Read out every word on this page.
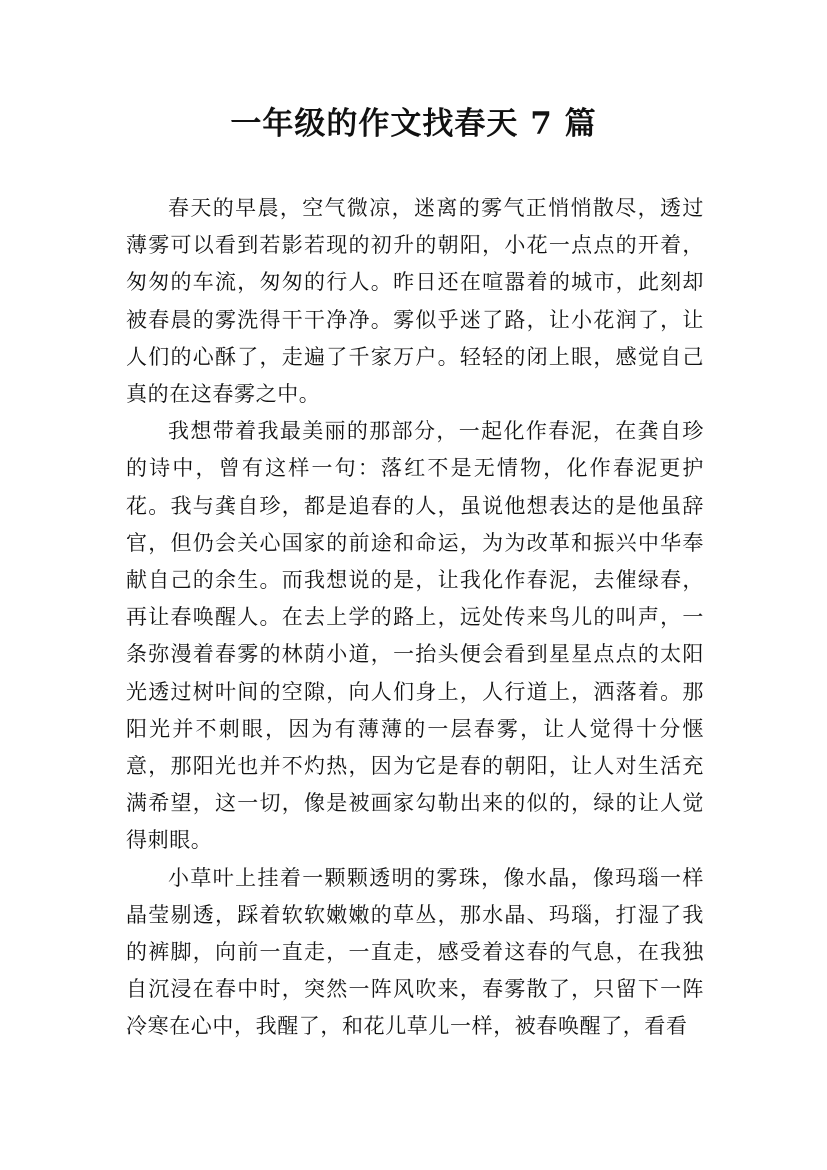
一年级的作文找春天 7 篇

春天的早晨，空气微凉，迷离的雾气正悄悄散尽，透过薄雾可以看到若影若现的初升的朝阳，小花一点点的开着，匆匆的车流，匆匆的行人。昨日还在喧嚣着的城市，此刻却被春晨的雾洗得干干净净。雾似乎迷了路，让小花润了，让人们的心酥了，走遍了千家万户。轻轻的闭上眼，感觉自己真的在这春雾之中。

我想带着我最美丽的那部分，一起化作春泥，在龚自珍的诗中，曾有这样一句：落红不是无情物，化作春泥更护花。我与龚自珍，都是追春的人，虽说他想表达的是他虽辞官，但仍会关心国家的前途和命运，为为改革和振兴中华奉献自己的余生。而我想说的是，让我化作春泥，去催绿春，再让春唤醒人。在去上学的路上，远处传来鸟儿的叫声，一条弥漫着春雾的林荫小道，一抬头便会看到星星点点的太阳光透过树叶间的空隙，向人们身上，人行道上，洒落着。那阳光并不刺眼，因为有薄薄的一层春雾，让人觉得十分惬意，那阳光也并不灼热，因为它是春的朝阳，让人对生活充满希望，这一切，像是被画家勾勒出来的似的，绿的让人觉得刺眼。

小草叶上挂着一颗颗透明的雾珠，像水晶，像玛瑙一样晶莹剔透，踩着软软嫩嫩的草丛，那水晶、玛瑙，打湿了我的裤脚，向前一直走，一直走，感受着这春的气息，在我独自沉浸在春中时，突然一阵风吹来，春雾散了，只留下一阵冷寒在心中，我醒了，和花儿草儿一样，被春唤醒了，看看
